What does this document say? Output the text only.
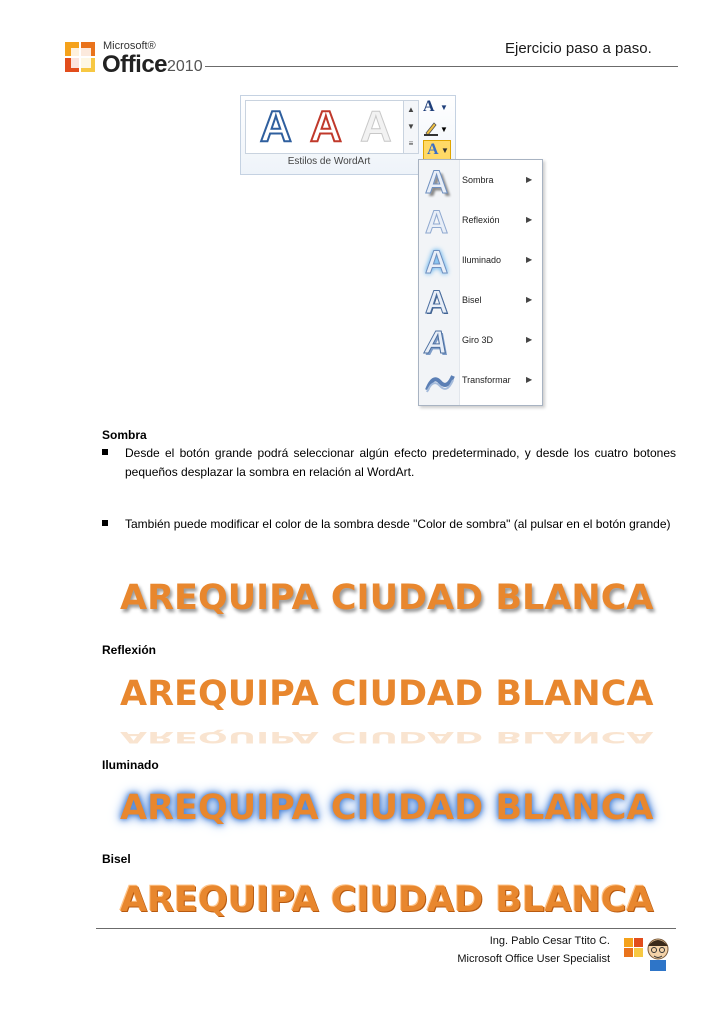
Microsoft®
Office 2010
Ejercicio paso a paso.
A A A	▲
▼
≡
Estilos de WordArt
A ▼
▼
A ▼
A Sombra	▶
A Reflexión	▶
A Iluminado	▶
A Bisel	▶
A Giro 3D	▶
Transformar ▶
Sombra
Desde el botón grande podrá seleccionar algún efecto predeterminado, y desde los cuatro botones pequeños desplazar la sombra en relación al WordArt.
También puede modificar el color de la sombra desde "Color de sombra" (al pulsar en el botón grande)
AREQUIPA CIUDAD BLANCA
Reflexión
AREQUIPA CIUDAD BLANCA
AREQUIPA CIUDAD BLANCA
Iluminado
AREQUIPA CIUDAD BLANCA
Bisel
AREQUIPA CIUDAD BLANCA
Ing. Pablo Cesar Ttito C.
Microsoft Office User Specialist
